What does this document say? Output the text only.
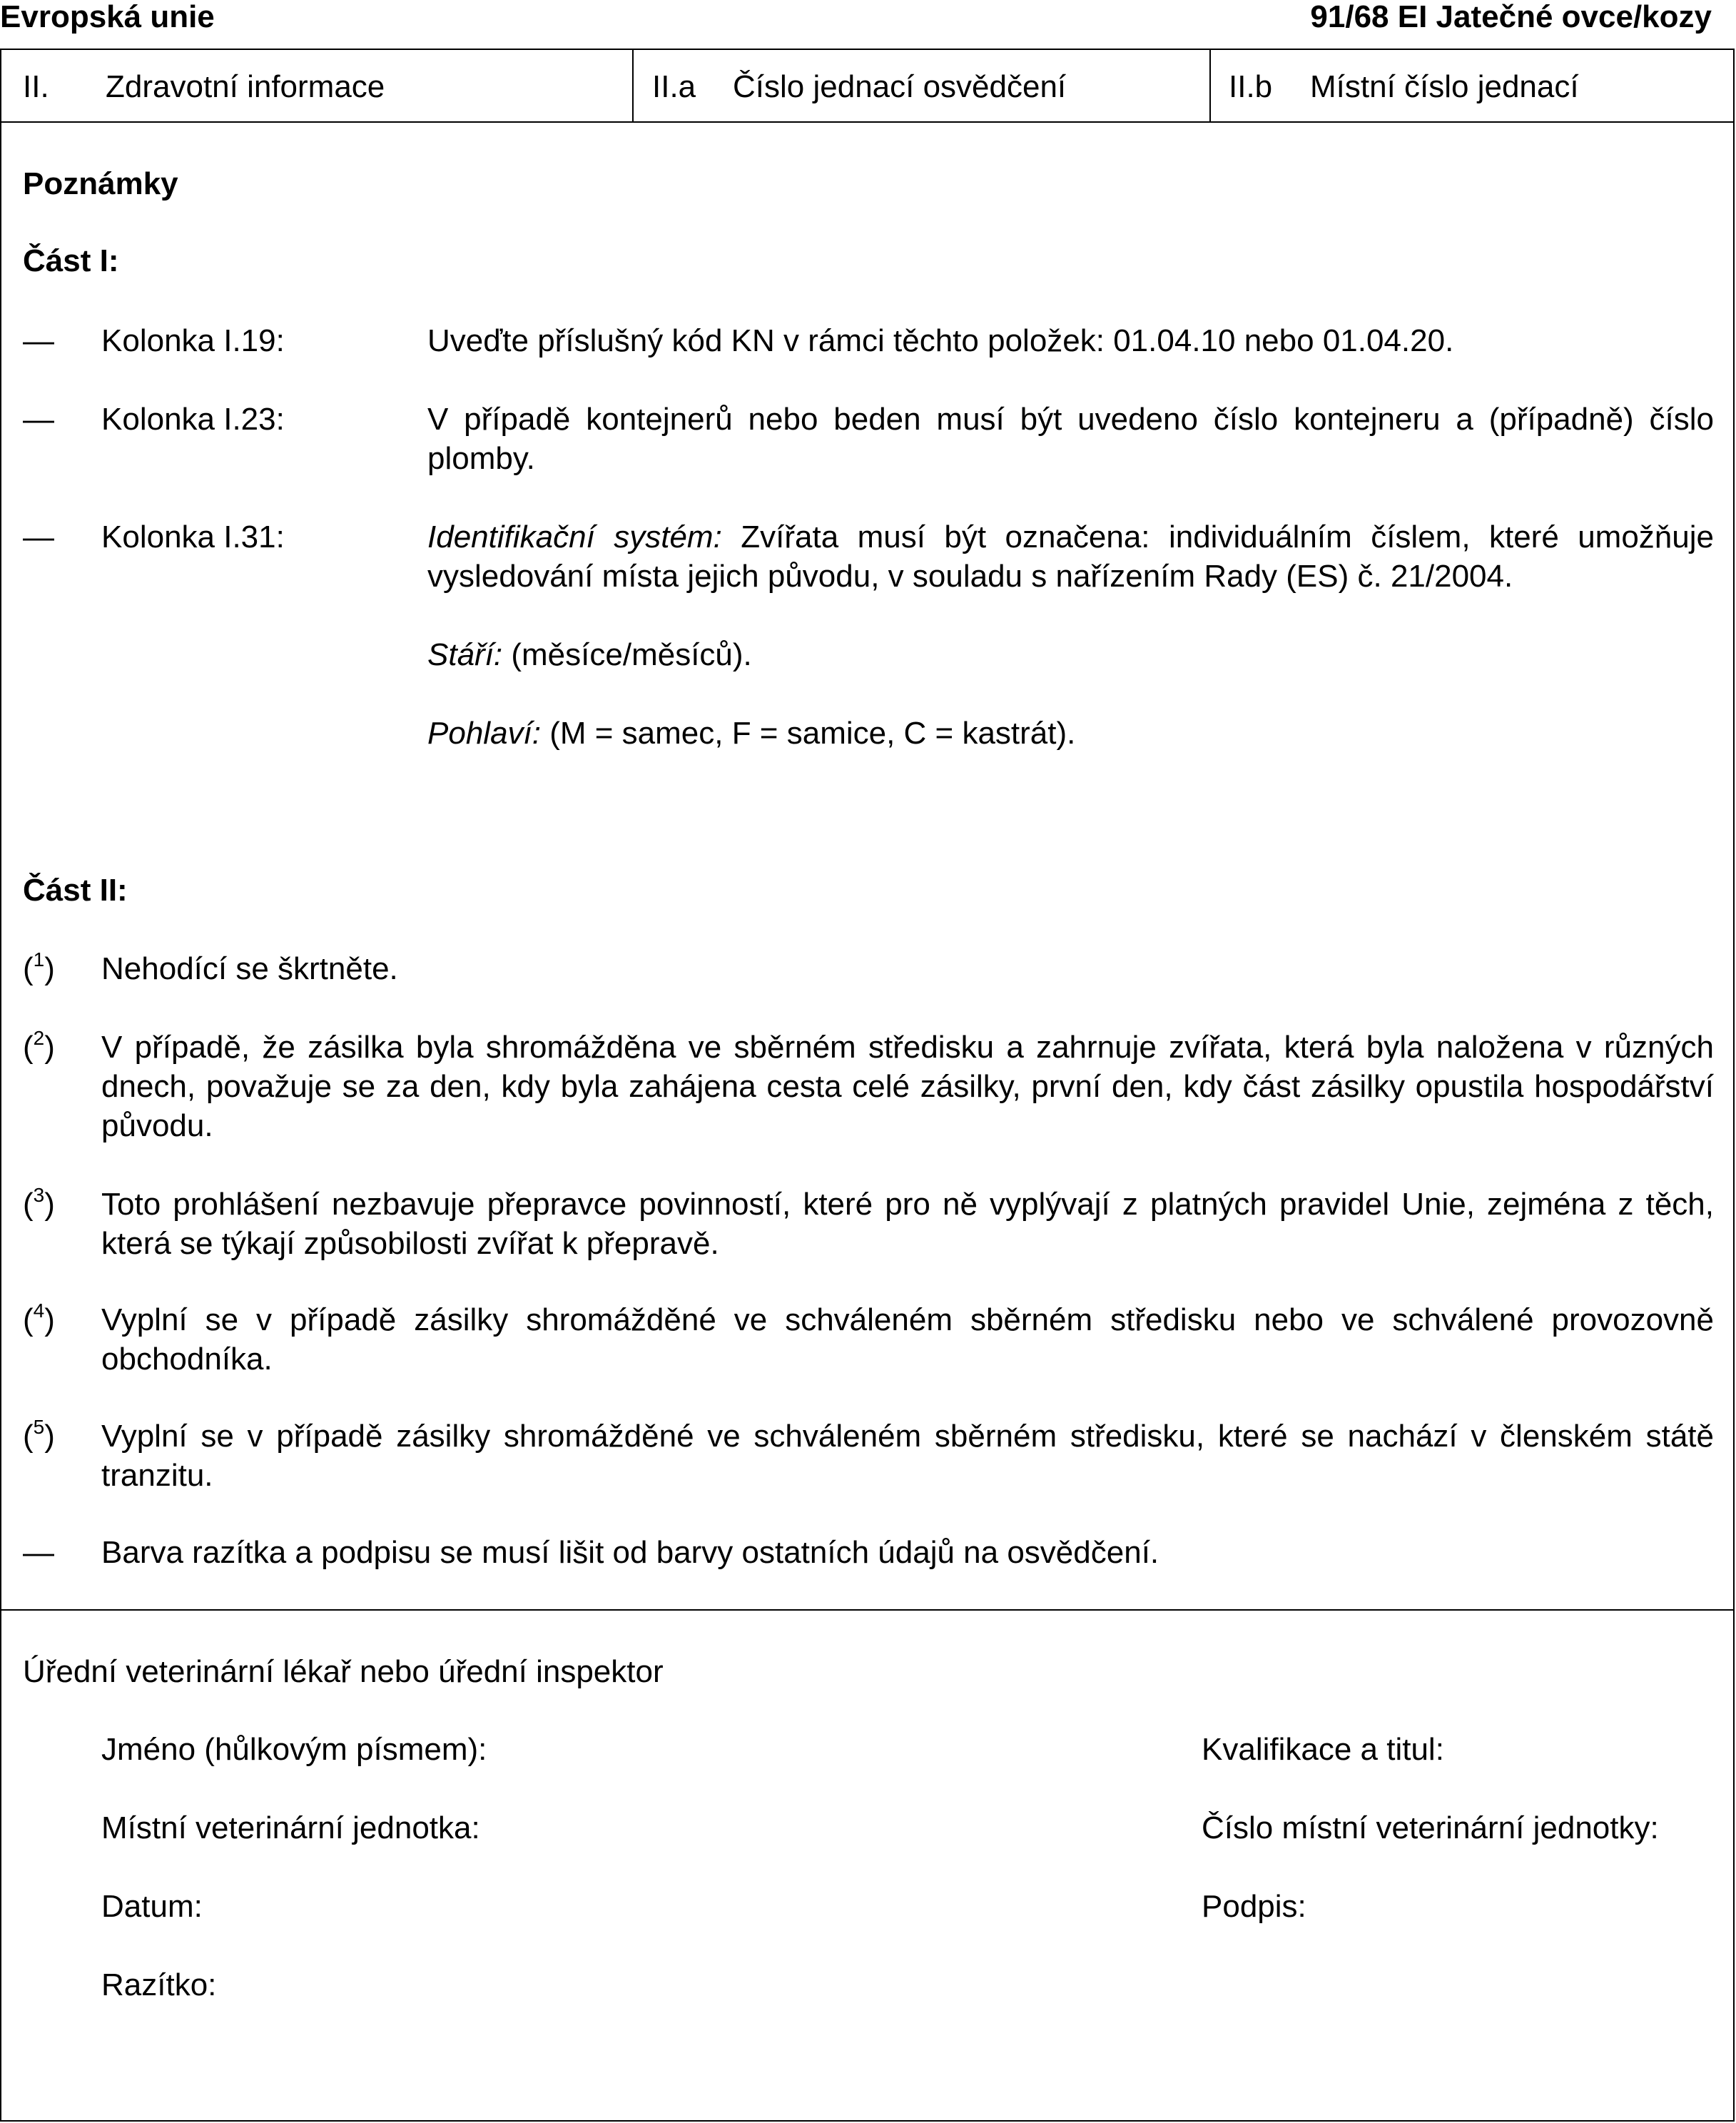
Evropská unie	91/68 EI Jatečné ovce/kozy
II. Zdravotní informace	II.a Číslo jednací osvědčení	II.b Místní číslo jednací
Poznámky
Část I:
— Kolonka I.19:	Uveďte příslušný kód KN v rámci těchto položek: 01.04.10 nebo 01.04.20.
— Kolonka I.23:	V případě kontejnerů nebo beden musí být uvedeno číslo kontejneru a (případně) číslo plomby.
— Kolonka I.31:	Identifikační systém: Zvířata musí být označena: individuálním číslem, které umožňuje vysledování místa jejich původu, v souladu s nařízením Rady (ES) č. 21/2004.
Stáří: (měsíce/měsíců).
Pohlaví: (M = samec, F = samice, C = kastrát).
Část II:
($^1$) Nehodící se škrtněte.
($^2$) V případě, že zásilka byla shromážděna ve sběrném středisku a zahrnuje zvířata, která byla naložena v různých dnech, považuje se za den, kdy byla zahájena cesta celé zásilky, první den, kdy část zásilky opustila hospodářství původu.
($^3$) Toto prohlášení nezbavuje přepravce povinností, které pro ně vyplývají z platných pravidel Unie, zejména z těch, která se týkají způsobilosti zvířat k přepravě.
($^4$) Vyplní se v případě zásilky shromážděné ve schváleném sběrném středisku nebo ve schválené provozovně obchodníka.
($^5$) Vyplní se v případě zásilky shromážděné ve schváleném sběrném středisku, které se nachází v členském státě tranzitu.
— Barva razítka a podpisu se musí lišit od barvy ostatních údajů na osvědčení.
Úřední veterinární lékař nebo úřední inspektor
Jméno (hůlkovým písmem):	Kvalifikace a titul:
Místní veterinární jednotka:	Číslo místní veterinární jednotky:
Datum:	Podpis:
Razítko:
